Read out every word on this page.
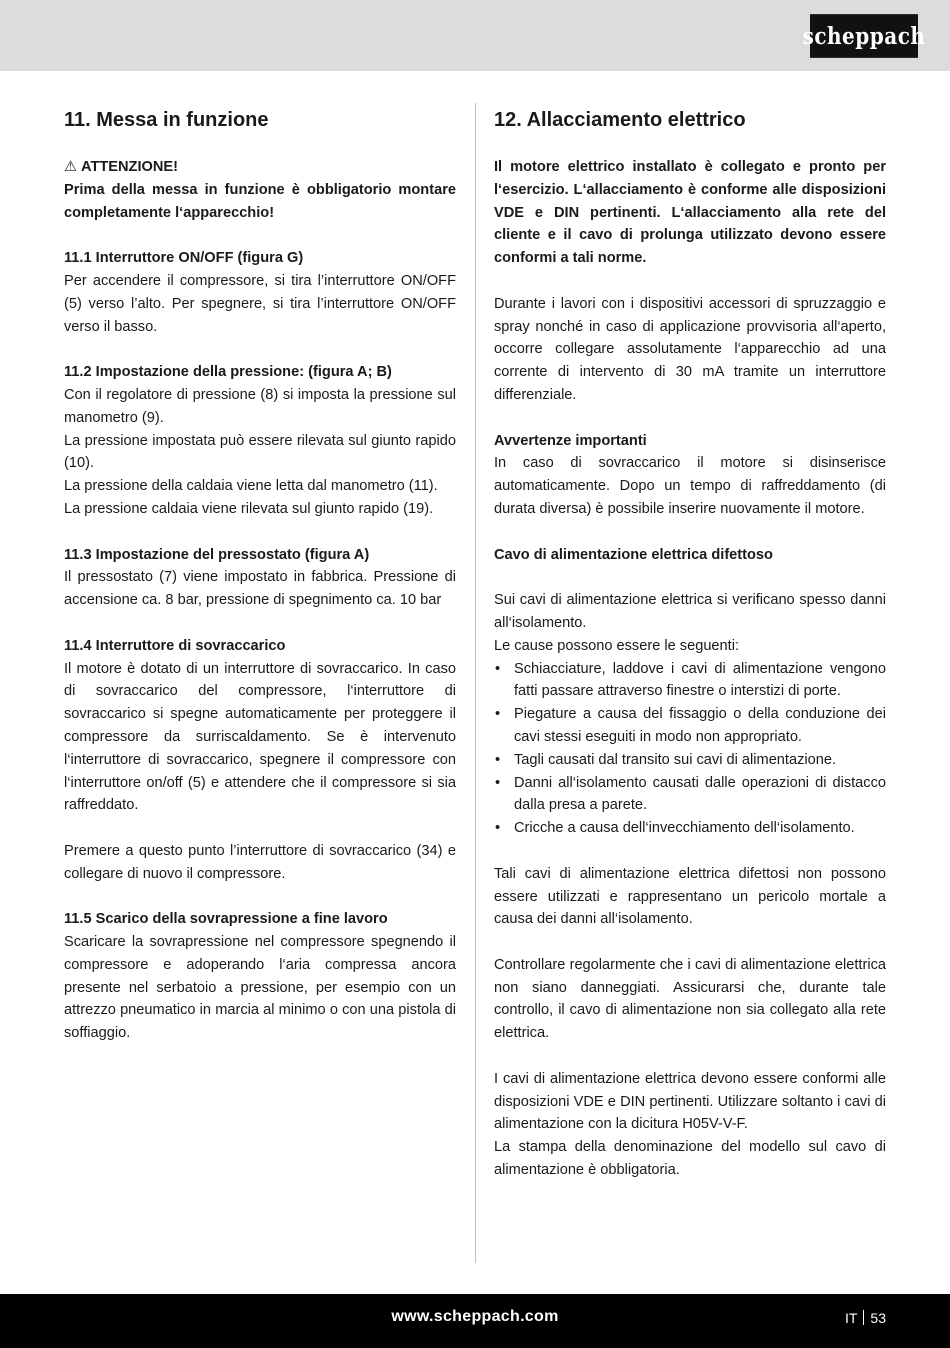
scheppach
11. Messa in funzione

⚠ ATTENZIONE!

Prima della messa in funzione è obbligatorio montare completamente l‘apparecchio!

11.1 Interruttore ON/OFF (figura G)

Per accendere il compressore, si tira l’interruttore ON/OFF (5) verso l’alto. Per spegnere, si tira l’interruttore ON/OFF verso il basso.

11.2 Impostazione della pressione: (figura A; B)

Con il regolatore di pressione (8) si imposta la pressione sul manometro (9).

La pressione impostata può essere rilevata sul giunto rapido (10).

La pressione della caldaia viene letta dal manometro (11).

La pressione caldaia viene rilevata sul giunto rapido (19).

11.3 Impostazione del pressostato (figura A)

Il pressostato (7) viene impostato in fabbrica. Pressione di accensione ca. 8 bar, pressione di spegnimento ca. 10 bar

11.4 Interruttore di sovraccarico

Il motore è dotato di un interruttore di sovraccarico. In caso di sovraccarico del compressore, l‘interruttore di sovraccarico si spegne automaticamente per proteggere il compressore da surriscaldamento. Se è intervenuto l‘interruttore di sovraccarico, spegnere il compressore con l‘interruttore on/off (5) e attendere che il compressore si sia raffreddato.

Premere a questo punto l’interruttore di sovraccarico (34) e collegare di nuovo il compressore.

11.5 Scarico della sovrapressione a fine lavoro

Scaricare la sovrapressione nel compressore spegnendo il compressore e adoperando l‘aria compressa ancora presente nel serbatoio a pressione, per esempio con un attrezzo pneumatico in marcia al minimo o con una pistola di soffiaggio.

12. Allacciamento elettrico

Il motore elettrico installato è collegato e pronto per l‘esercizio. L‘allacciamento è conforme alle disposizioni VDE e DIN pertinenti. L‘allacciamento alla rete del cliente e il cavo di prolunga utilizzato devono essere conformi a tali norme.

Durante i lavori con i dispositivi accessori di spruzzaggio e spray nonché in caso di applicazione provvisoria all‘aperto, occorre collegare assolutamente l‘apparecchio ad una corrente di intervento di 30 mA tramite un interruttore differenziale.

Avvertenze importanti

In caso di sovraccarico il motore si disinserisce automaticamente. Dopo un tempo di raffreddamento (di durata diversa) è possibile inserire nuovamente il motore.

Cavo di alimentazione elettrica difettoso

Sui cavi di alimentazione elettrica si verificano spesso danni all‘isolamento.

Le cause possono essere le seguenti:

• Schiacciature, laddove i cavi di alimentazione vengono fatti passare attraverso finestre o interstizi di porte.
• Piegature a causa del fissaggio o della conduzione dei cavi stessi eseguiti in modo non appropriato.
• Tagli causati dal transito sui cavi di alimentazione.
• Danni all‘isolamento causati dalle operazioni di distacco dalla presa a parete.
• Cricche a causa dell‘invecchiamento dell‘isolamento.

Tali cavi di alimentazione elettrica difettosi non possono essere utilizzati e rappresentano un pericolo mortale a causa dei danni all‘isolamento.

Controllare regolarmente che i cavi di alimentazione elettrica non siano danneggiati. Assicurarsi che, durante tale controllo, il cavo di alimentazione non sia collegato alla rete elettrica.

I cavi di alimentazione elettrica devono essere conformi alle disposizioni VDE e DIN pertinenti. Utilizzare soltanto i cavi di alimentazione con la dicitura H05V-V-F.

La stampa della denominazione del modello sul cavo di alimentazione è obbligatoria.

www.scheppach.com	IT 53
